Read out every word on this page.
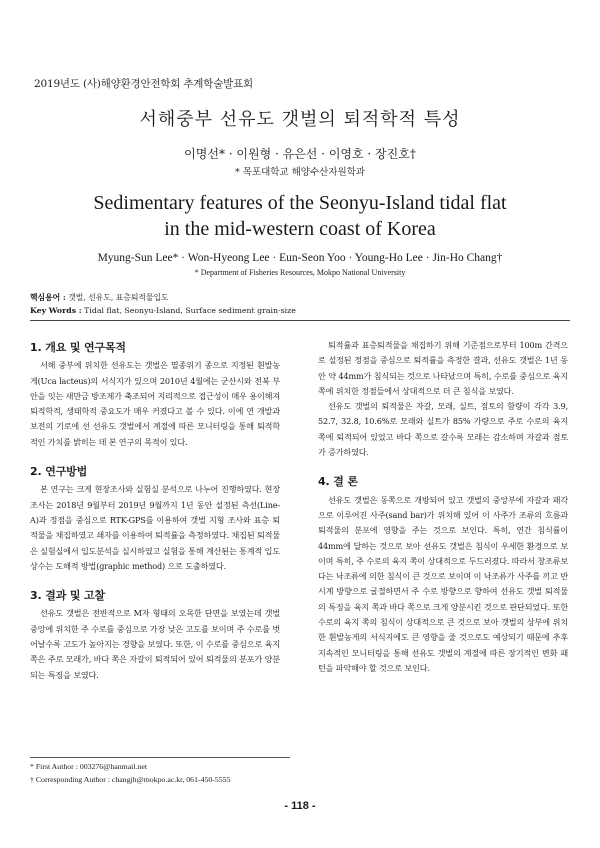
2019년도 (사)해양환경안전학회 추계학술발표회
서해중부 선유도 갯벌의 퇴적학적 특성
이명선* · 이원형 · 유은선 · 이영호 · 장진호†
* 목포대학교 해양수산자원학과
Sedimentary features of the Seonyu-Island tidal flat
in the mid-western coast of Korea
Myung-Sun Lee* · Won-Hyeong Lee · Eun-Seon Yoo · Young-Ho Lee · Jin-Ho Chang†
* Department of Fisheries Resources, Mokpo National University
핵심용어 : 갯벌, 선유도, 표층퇴적물입도
Key Words : Tidal flat, Seonyu-Island, Surface sediment grain-size
1. 개요 및 연구목적

서해 중부에 위치한 선유도는 갯벌은 멸종위기 종으로 지정된 흰발농게(Uca lacteus)의 서식지가 있으며 2010년 4월에는 군산시와 전북 부안을 잇는 새만금 방조제가 축조되어 지리적으로 접근성이 매우 용이해져 퇴적학적, 생태학적 중요도가 매우 커졌다고 볼 수 있다. 이에 연 개발과 보전의 기로에 선 선유도 갯벌에서 계절에 따른 모니터링을 통해 퇴적학적인 가치를 밝히는 데 본 연구의 목적이 있다.

2. 연구방법

본 연구는 크게 현장조사와 실험실 분석으로 나누어 진행하였다. 현장조사는 2018년 9월부터 2019년 9월까지 1년 동안 설정된 측선(Line-A)과 정점을 중심으로 RTK-GPS를 이용하여 갯벌 지형 조사와 표층 퇴적물을 채집하였고 쇄자를 이용하여 퇴적률을 측정하였다. 채집된 퇴적물은 실험실에서 입도분석을 실시하였고 실험을 통해 계산된는 통계적 입도 상수는 도해적 방법(graphic method) 으로 도출하였다.

3. 결과 및 고찰

선유도 갯벌은 전반적으로 M자 형태의 오목한 단면을 보였는데 갯벌 중앙에 위치한 주 수로를 중심으로 가장 낮은 고도를 보이며 주 수로를 벗어날수록 고도가 높아지는 경향을 보였다. 또한, 이 수로를 중심으로 육지 쪽은 주로 모래가, 바다 쪽은 자갈이 퇴적되어 있어 퇴적물의 분포가 양분되는 특징을 보였다.

퇴적률과 표층퇴적물을 채집하기 위해 기준점으로부터 100m 간격으로 설정된 정점을 중심으로 퇴적률을 측정한 결과, 선유도 갯벌은 1년 동안 약 44mm가 침식되는 것으로 나타났으며 특히, 수로를 중심으로 육지 쪽에 위치한 정점들에서 상대적으로 더 큰 침식을 보였다.

선유도 갯벌의 퇴적물은 자갈, 모래, 실트, 점토의 함량이 각각 3.9, 52.7, 32.8, 10.6%로 모래와 실트가 85% 가량으로 주로 수로의 육지 쪽에 퇴적되어 있었고 바다 쪽으로 갈수록 모래는 감소하며 자갈과 점토가 증가하였다.

4. 결 론

선유도 갯벌은 동쪽으로 개방되어 있고 갯벌의 중앙부에 자갈과 패각으로 이루어진 사주(sand bar)가 위치해 있어 이 사주가 조류의 흐름과 퇴적물의 분포에 영향을 주는 것으로 보인다. 특히, 연간 침식률이 44mm에 달하는 것으로 보아 선유도 갯벌은 침식이 우세한 환경으로 보이며 특히, 주 수로의 육지 쪽이 상대적으로 두드러졌다. 따라서 창조류보다는 낙조류에 의한 침식이 큰 것으로 보이며 이 낙조류가 사주를 끼고 반시계 방향으로 굴절하면서 주 수로 방향으로 향하여 선유도 갯벌 퇴적물의 특징을 육지 쪽과 바다 쪽으로 크게 양분시킨 것으로 판단되었다. 또한 수로의 육지 쪽의 침식이 상대적으로 큰 것으로 보아 갯벌의 상부에 위치한 흰발농게의 서식지에도 큰 영향을 줄 것으로도 예상되기 때문에 추후 지속적인 모니터링을 통해 선유도 갯벌의 계절에 따른 장기적인 변화 패턴을 파악해야 할 것으로 보인다.

* First Author : 003276@hanmail.net
† Corresponding Author : changjh@mokpo.ac.kr, 061-450-5555
- 118 -
